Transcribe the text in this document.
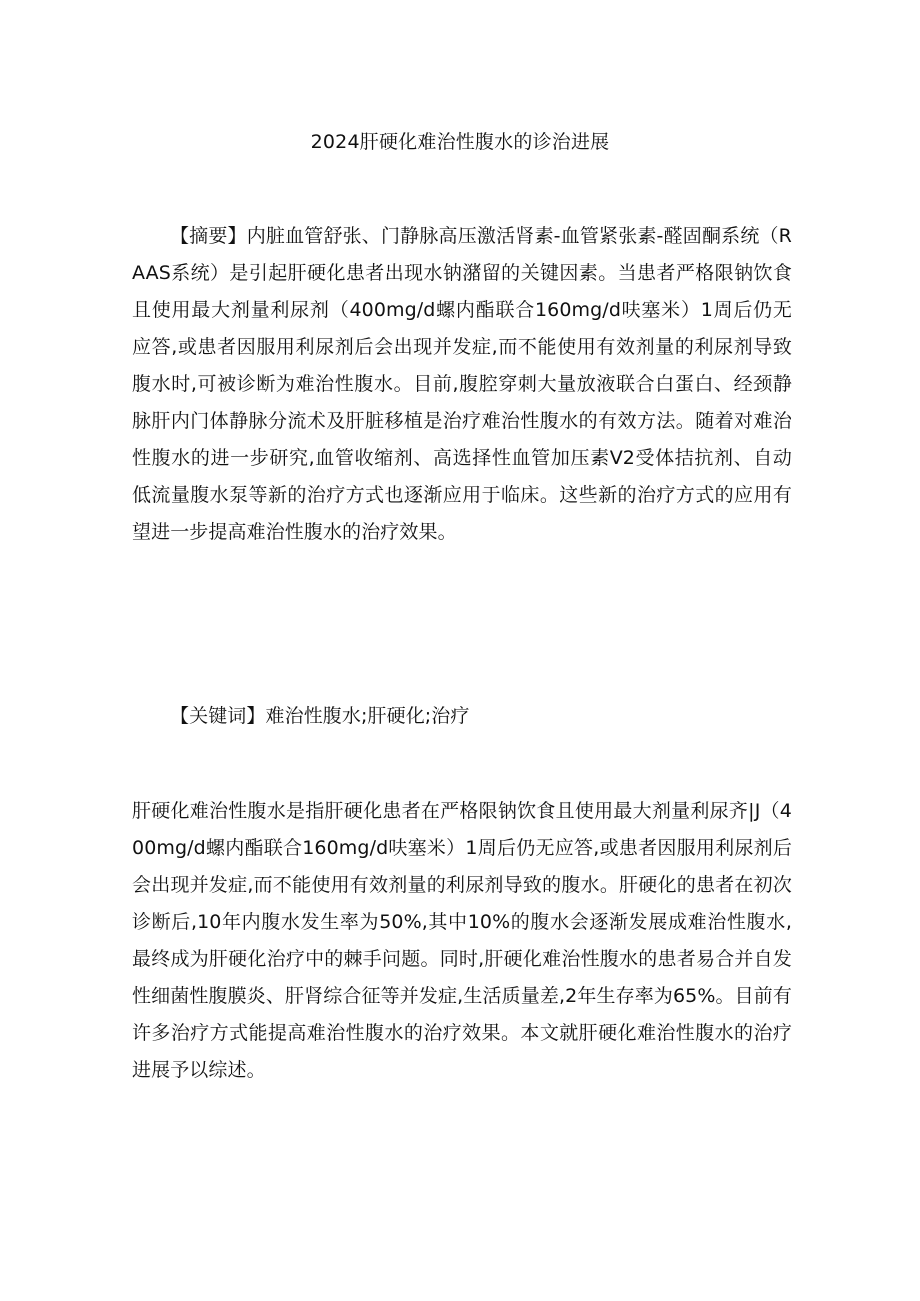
2024肝硬化难治性腹水的诊治进展
【摘要】内脏血管舒张、门静脉高压激活肾素-血管紧张素-醛固酮系统（RAAS系统）是引起肝硬化患者出现水钠潴留的关键因素。当患者严格限钠饮食且使用最大剂量利尿剂（400mg∕d螺内酯联合160mg/d呋塞米）1周后仍无应答,或患者因服用利尿剂后会出现并发症,而不能使用有效剂量的利尿剂导致腹水时,可被诊断为难治性腹水。目前,腹腔穿刺大量放液联合白蛋白、经颈静脉肝内门体静脉分流术及肝脏移植是治疗难治性腹水的有效方法。随着对难治性腹水的进一步研究,血管收缩剂、高选择性血管加压素V2受体拮抗剂、自动低流量腹水泵等新的治疗方式也逐渐应用于临床。这些新的治疗方式的应用有望进一步提高难治性腹水的治疗效果。
【关键词】难治性腹水;肝硬化;治疗
肝硬化难治性腹水是指肝硬化患者在严格限钠饮食且使用最大剂量利尿齐|J（400mg∕d螺内酯联合160mg∕d呋塞米）1周后仍无应答,或患者因服用利尿剂后会出现并发症,而不能使用有效剂量的利尿剂导致的腹水。肝硬化的患者在初次诊断后,10年内腹水发生率为50%,其中10%的腹水会逐渐发展成难治性腹水,最终成为肝硬化治疗中的棘手问题。同时,肝硬化难治性腹水的患者易合并自发性细菌性腹膜炎、肝肾综合征等并发症,生活质量差,2年生存率为65%。目前有许多治疗方式能提高难治性腹水的治疗效果。本文就肝硬化难治性腹水的治疗进展予以综述。
